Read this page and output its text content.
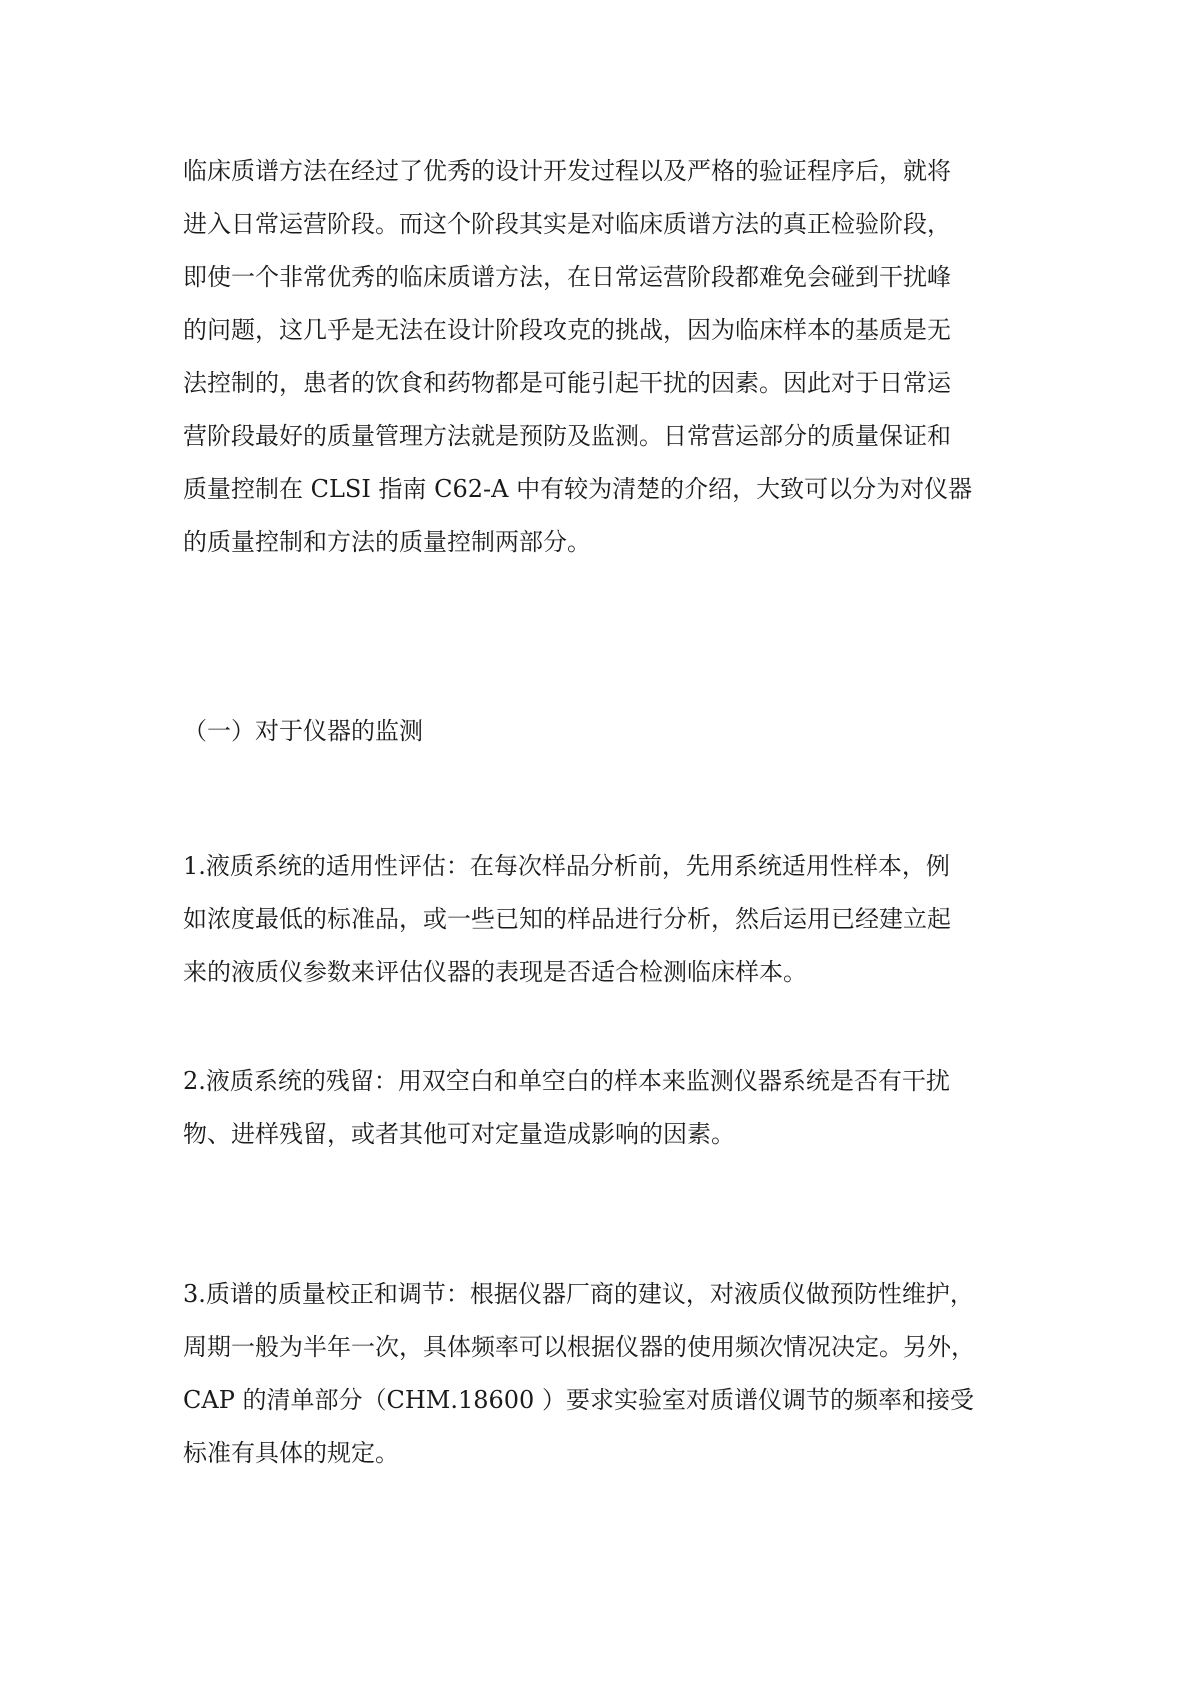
临床质谱方法在经过了优秀的设计开发过程以及严格的验证程序后，就将
进入日常运营阶段。而这个阶段其实是对临床质谱方法的真正检验阶段，
即使一个非常优秀的临床质谱方法，在日常运营阶段都难免会碰到干扰峰
的问题，这几乎是无法在设计阶段攻克的挑战，因为临床样本的基质是无
法控制的，患者的饮食和药物都是可能引起干扰的因素。因此对于日常运
营阶段最好的质量管理方法就是预防及监测。日常营运部分的质量保证和
质量控制在 CLSI 指南 C62-A 中有较为清楚的介绍，大致可以分为对仪器
的质量控制和方法的质量控制两部分。
（一）对于仪器的监测
1.液质系统的适用性评估：在每次样品分析前，先用系统适用性样本，例
如浓度最低的标准品，或一些已知的样品进行分析，然后运用已经建立起
来的液质仪参数来评估仪器的表现是否适合检测临床样本。
2.液质系统的残留：用双空白和单空白的样本来监测仪器系统是否有干扰
物、进样残留，或者其他可对定量造成影响的因素。
3.质谱的质量校正和调节：根据仪器厂商的建议，对液质仪做预防性维护，
周期一般为半年一次，具体频率可以根据仪器的使用频次情况决定。另外，
CAP 的清单部分（CHM.18600 ）要求实验室对质谱仪调节的频率和接受
标准有具体的规定。
